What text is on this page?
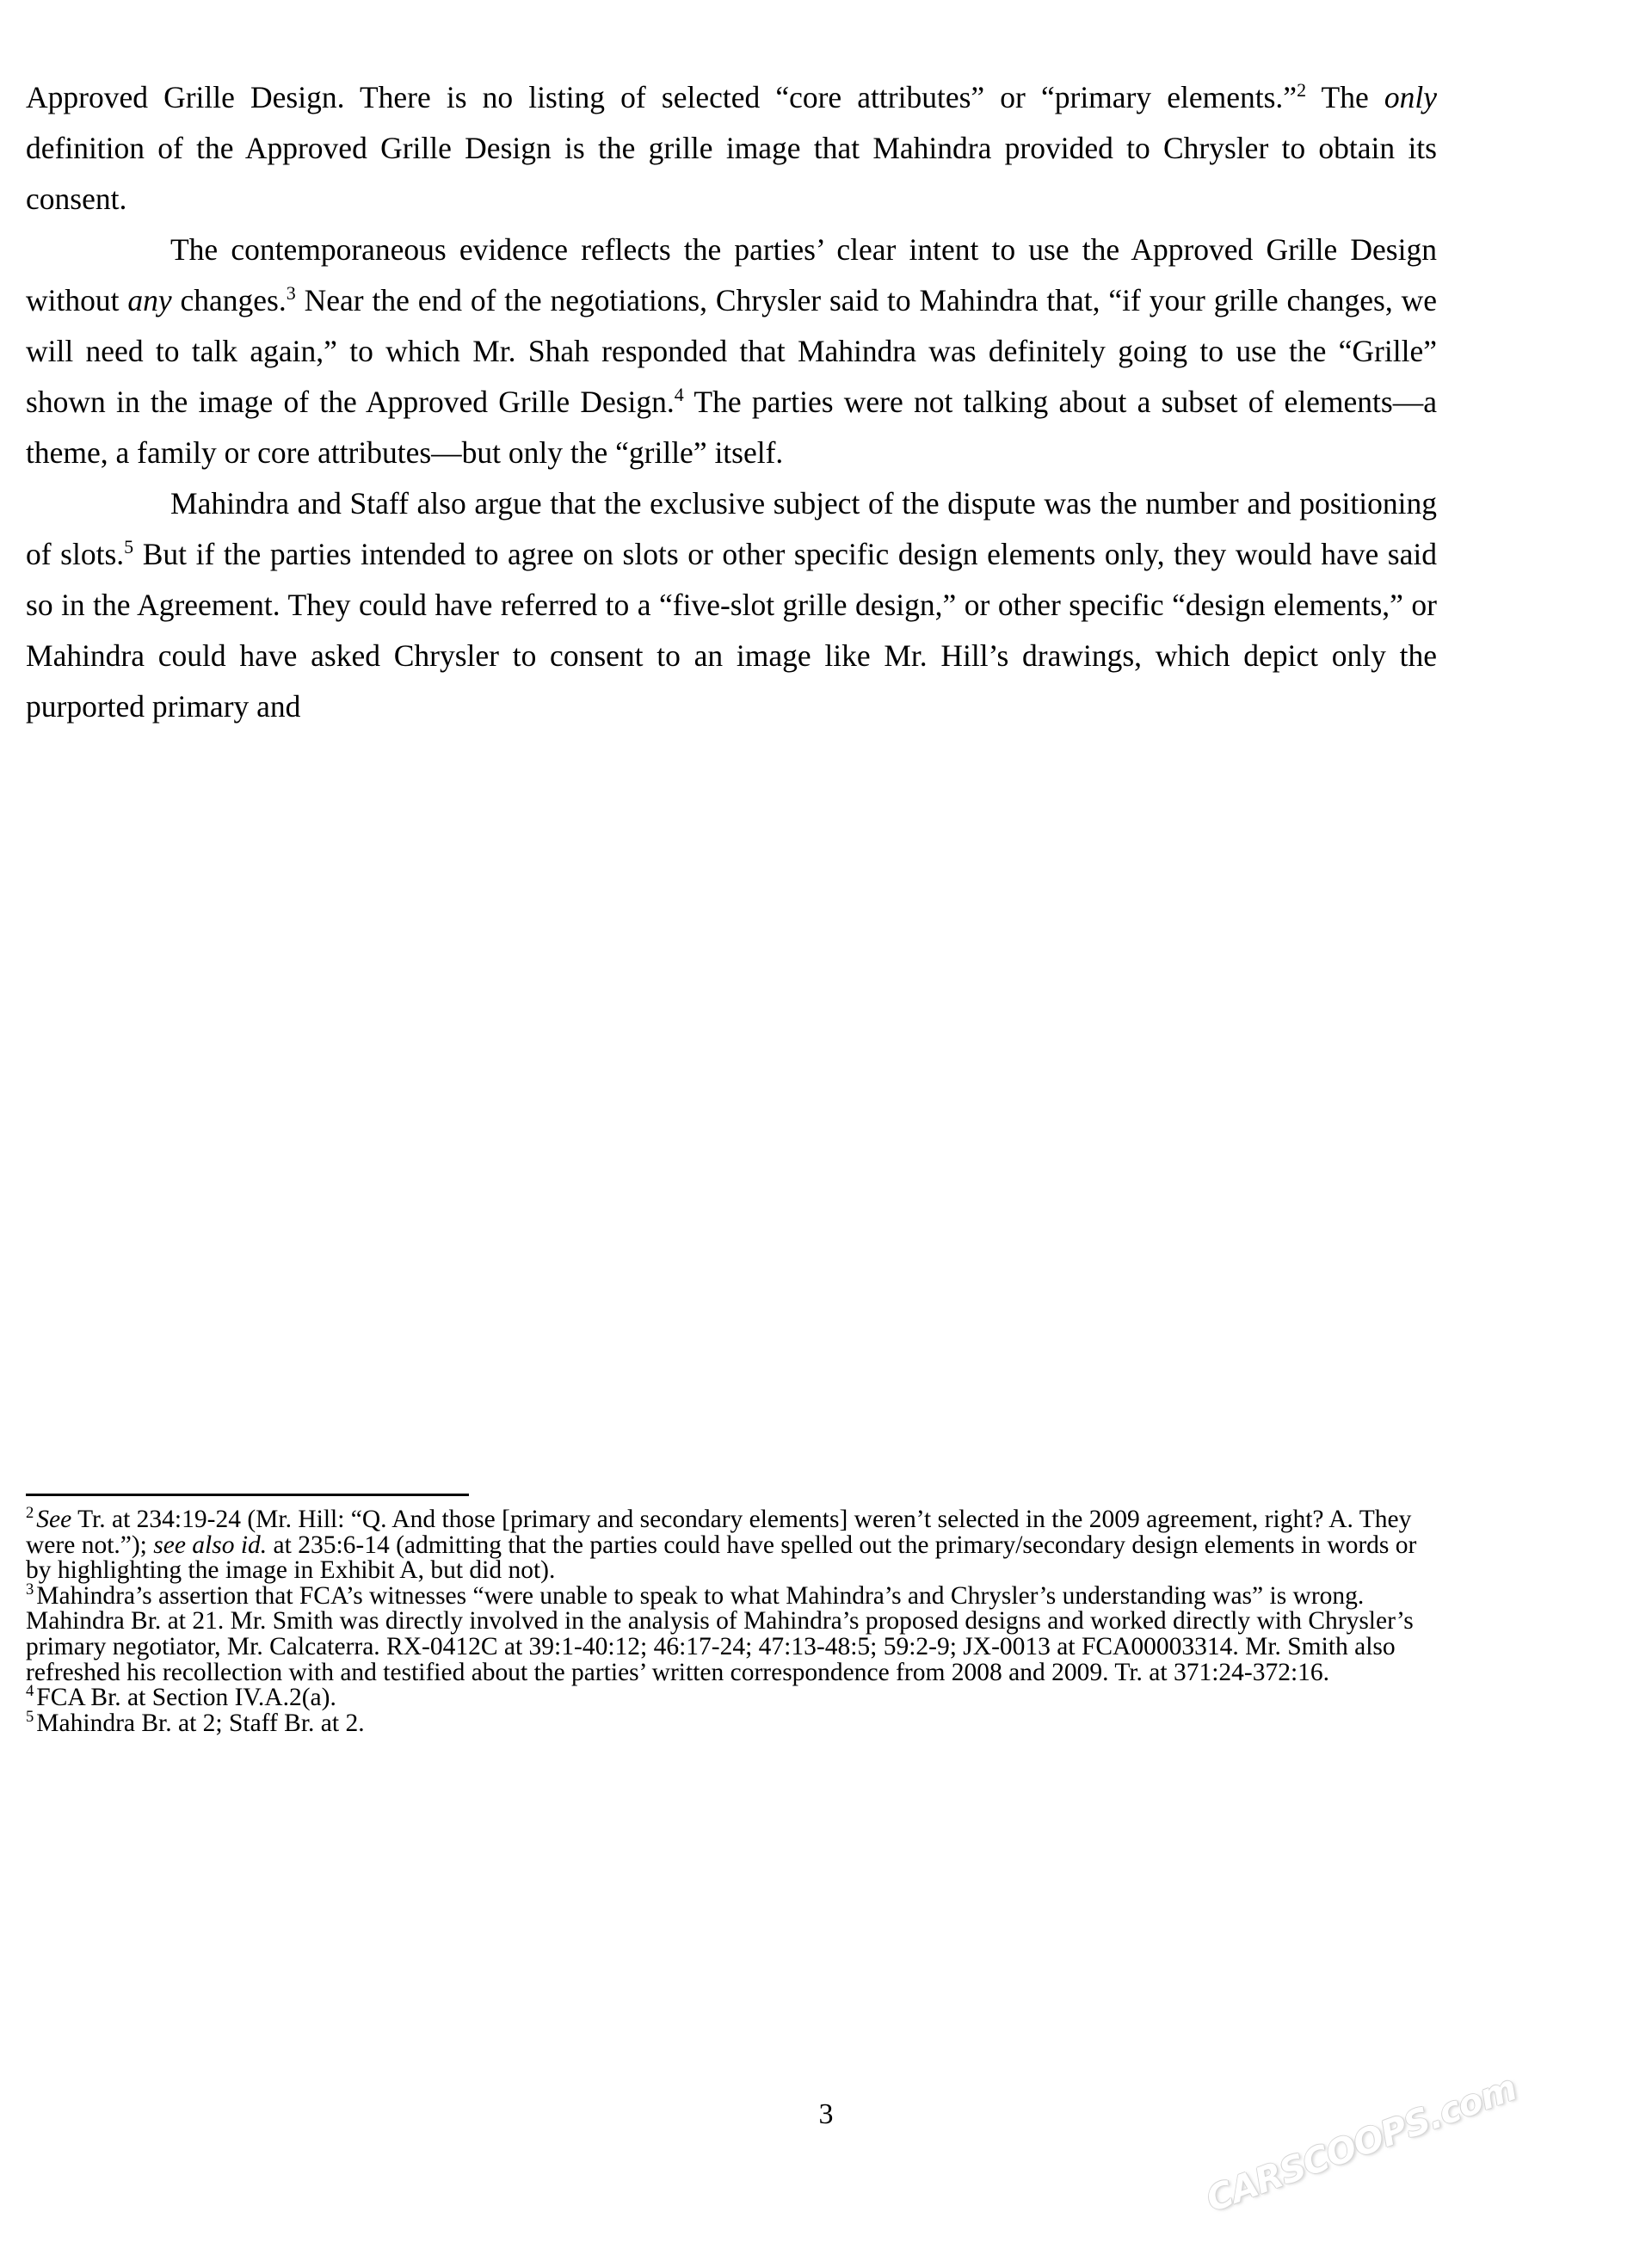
Approved Grille Design. There is no listing of selected “core attributes” or “primary elements.”$^2$ The only definition of the Approved Grille Design is the grille image that Mahindra provided to Chrysler to obtain its consent.

The contemporaneous evidence reflects the parties’ clear intent to use the Approved Grille Design without any changes.$^3$ Near the end of the negotiations, Chrysler said to Mahindra that, “if your grille changes, we will need to talk again,” to which Mr. Shah responded that Mahindra was definitely going to use the “Grille” shown in the image of the Approved Grille Design.$^4$ The parties were not talking about a subset of elements—a theme, a family or core attributes—but only the “grille” itself.

Mahindra and Staff also argue that the exclusive subject of the dispute was the number and positioning of slots.$^5$ But if the parties intended to agree on slots or other specific design elements only, they would have said so in the Agreement. They could have referred to a “five-slot grille design,” or other specific “design elements,” or Mahindra could have asked Chrysler to consent to an image like Mr. Hill’s drawings, which depict only the purported primary and

$^2$ See Tr. at 234:19-24 (Mr. Hill: “Q. And those [primary and secondary elements] weren’t selected in the 2009 agreement, right? A. They were not.”); see also id. at 235:6-14 (admitting that the parties could have spelled out the primary/secondary design elements in words or by highlighting the image in Exhibit A, but did not).

$^3$ Mahindra’s assertion that FCA’s witnesses “were unable to speak to what Mahindra’s and Chrysler’s understanding was” is wrong. Mahindra Br. at 21. Mr. Smith was directly involved in the analysis of Mahindra’s proposed designs and worked directly with Chrysler’s primary negotiator, Mr. Calcaterra. RX-0412C at 39:1-40:12; 46:17-24; 47:13-48:5; 59:2-9; JX-0013 at FCA00003314. Mr. Smith also refreshed his recollection with and testified about the parties’ written correspondence from 2008 and 2009. Tr. at 371:24-372:16.

$^4$ FCA Br. at Section IV.A.2(a).

$^5$ Mahindra Br. at 2; Staff Br. at 2.

3	CARSCOOPS.com
